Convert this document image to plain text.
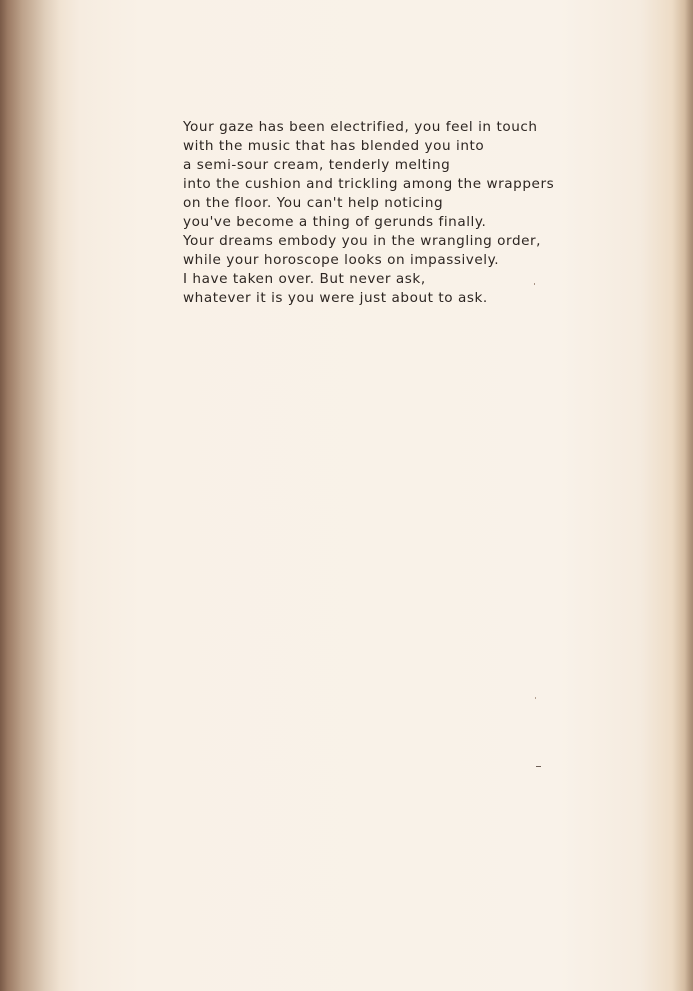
Your gaze has been electrified, you feel in touch
with the music that has blended you into
a semi-sour cream, tenderly melting
into the cushion and trickling among the wrappers
on the floor. You can't help noticing
you've become a thing of gerunds finally.
Your dreams embody you in the wrangling order,
while your horoscope looks on impassively.
I have taken over. But never ask,
whatever it is you were just about to ask.
